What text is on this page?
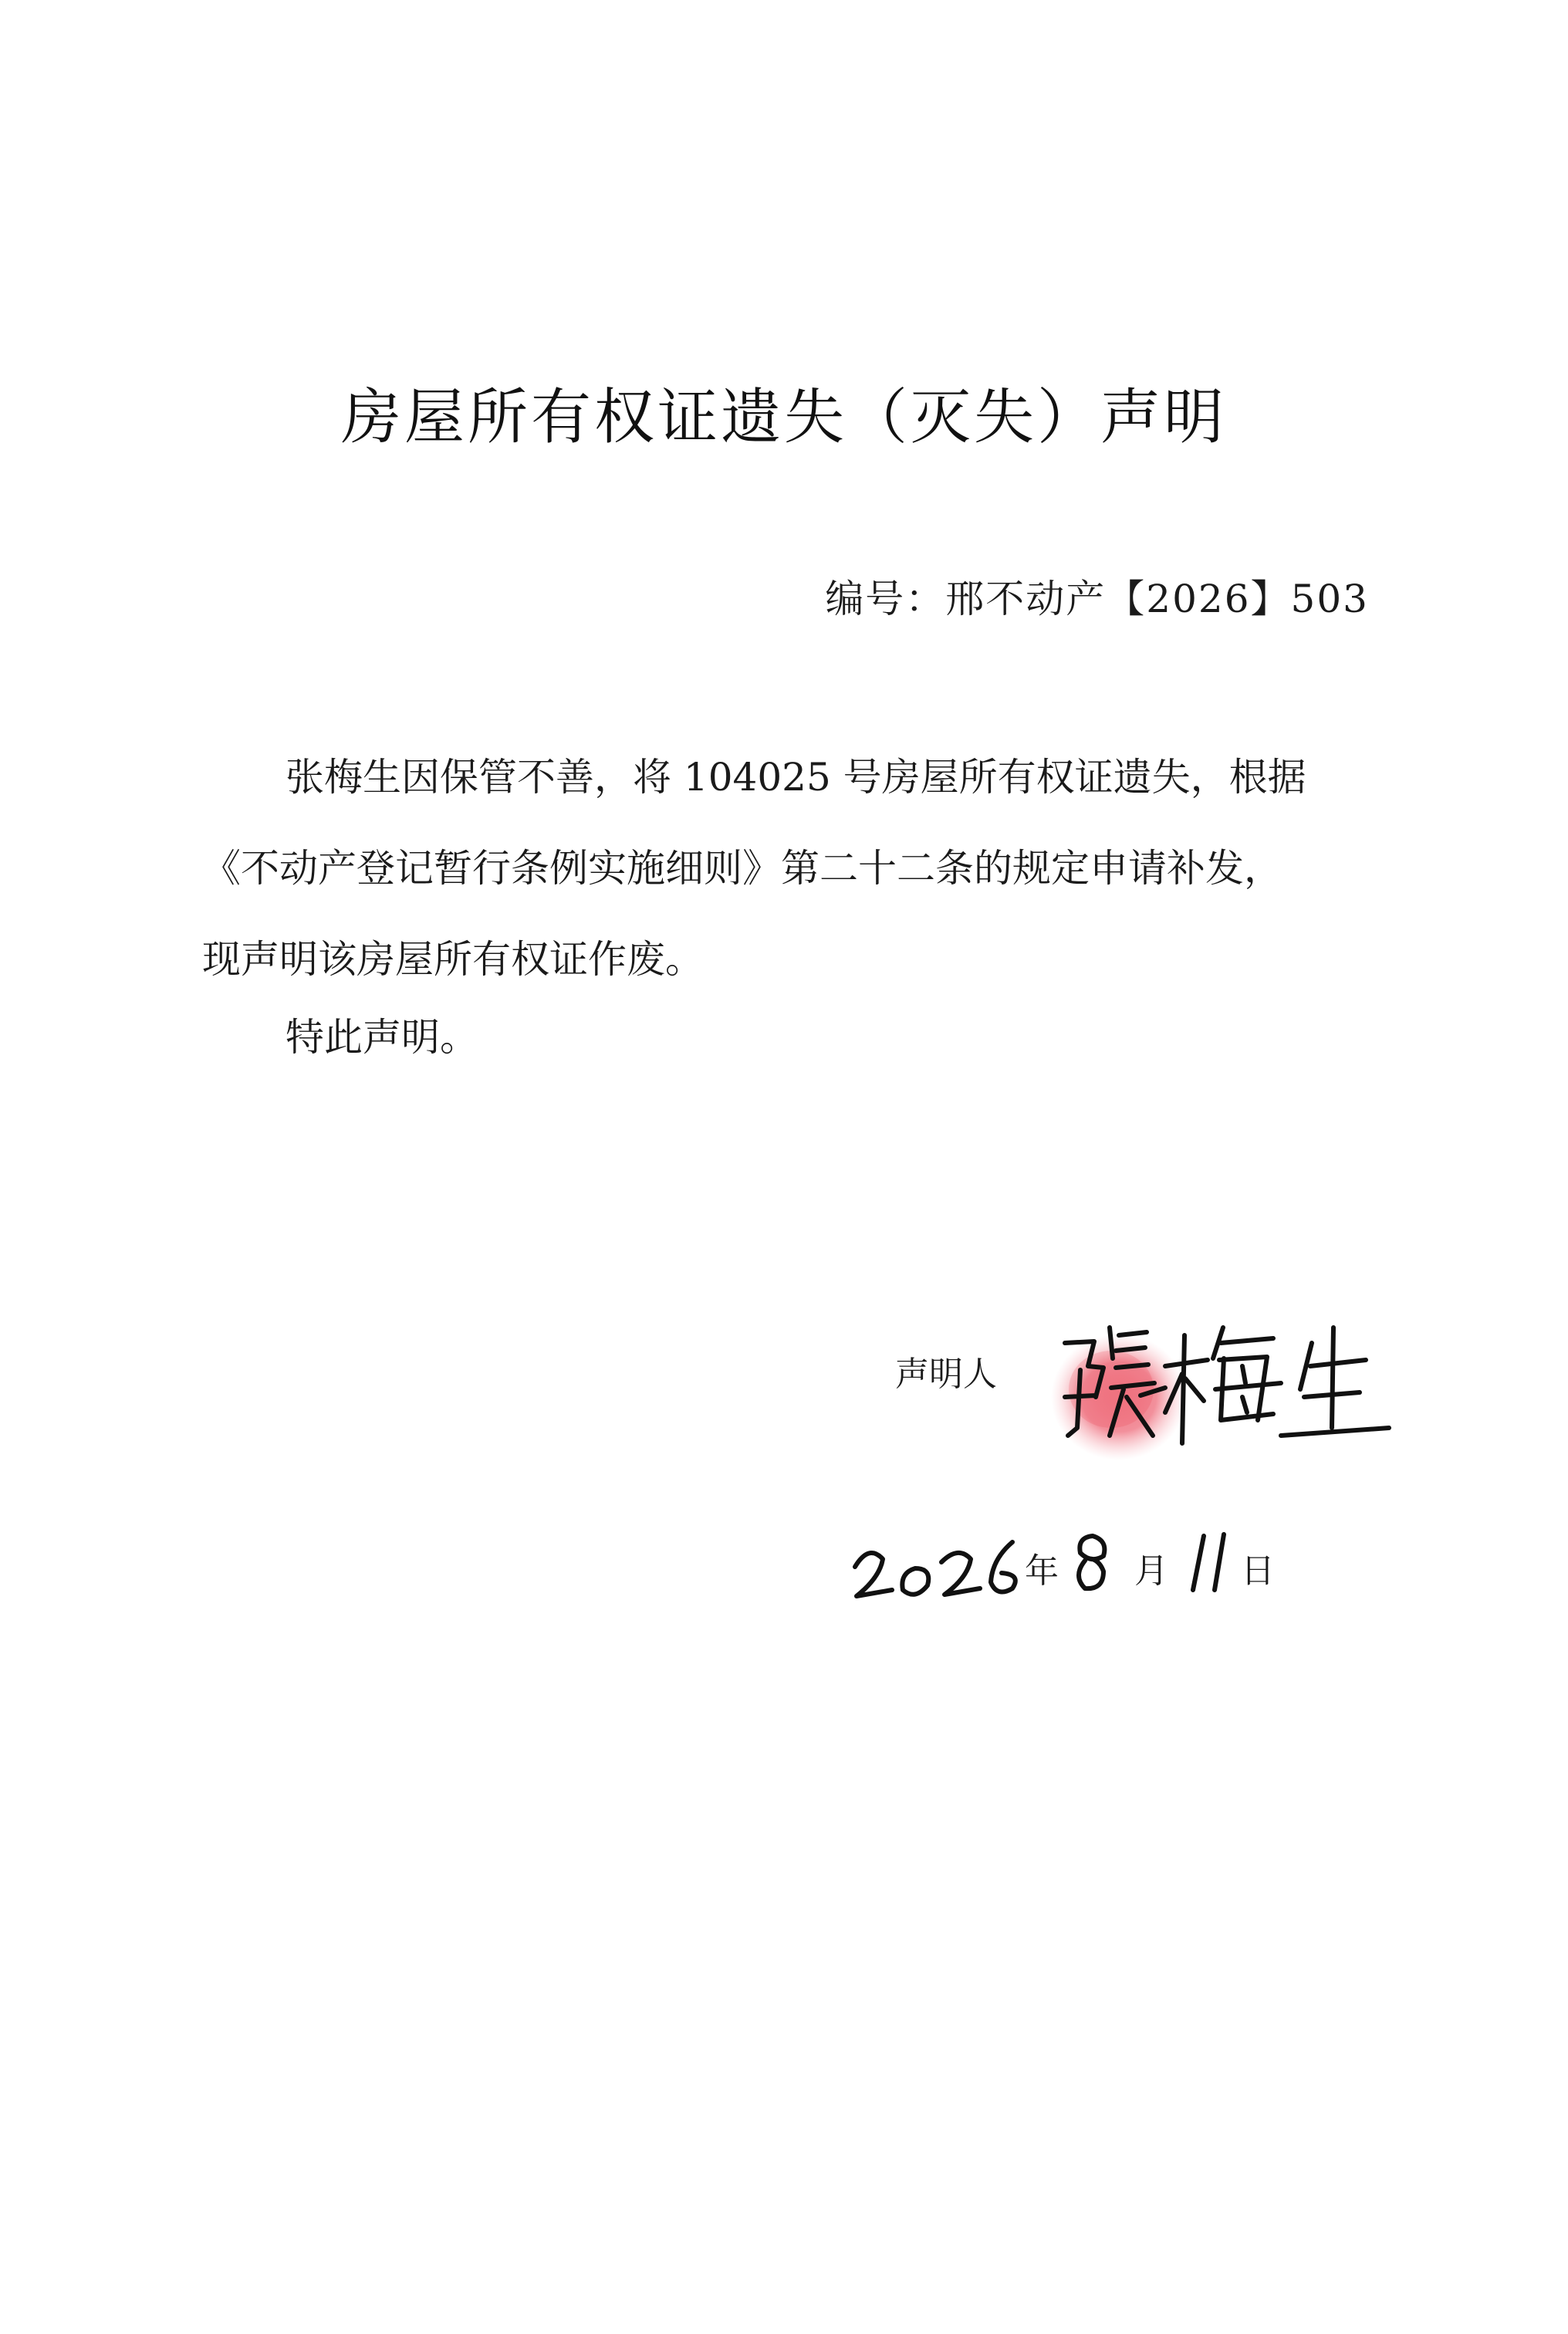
房屋所有权证遗失（灭失）声明
编号：邢不动产【2026】503
张梅生因保管不善，将 104025 号房屋所有权证遗失，根据
《不动产登记暂行条例实施细则》第二十二条的规定申请补发，
现声明该房屋所有权证作废。
特此声明。
声明人
年 月 日
